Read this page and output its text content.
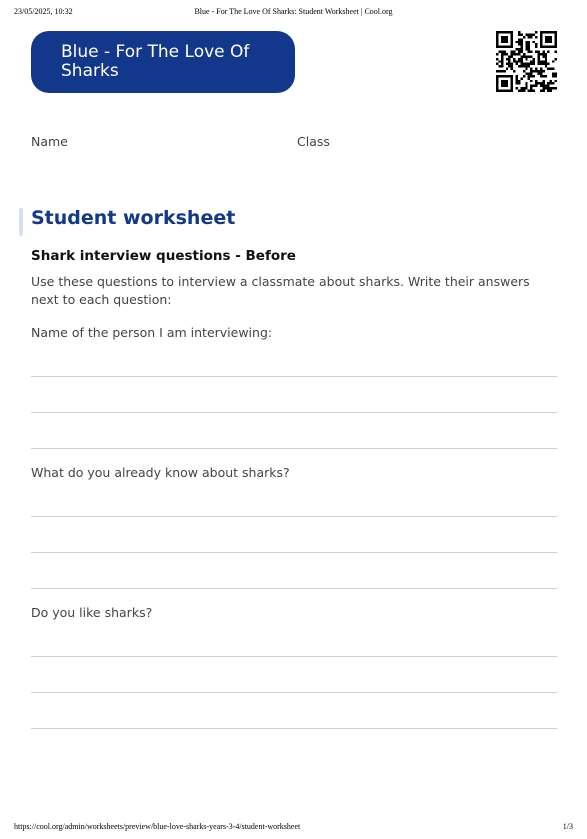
23/05/2025, 10:32	Blue - For The Love Of Sharks: Student Worksheet | Cool.org
Blue - For The Love Of Sharks
Name	Class
Student worksheet
Shark interview questions - Before
Use these questions to interview a classmate about sharks. Write their answers next to each question:
Name of the person I am interviewing:
What do you already know about sharks?
Do you like sharks?
https://cool.org/admin/worksheets/preview/blue-love-sharks-years-3-4/student-worksheet	1/3
